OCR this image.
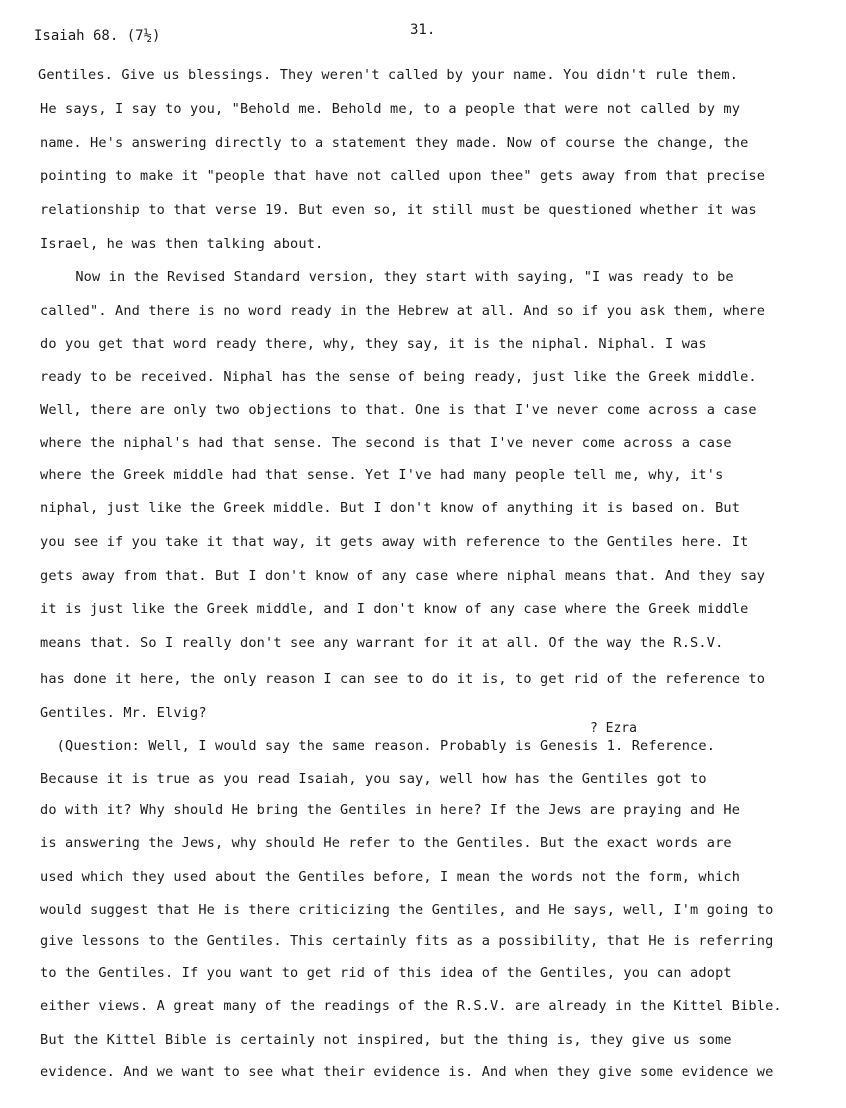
Isaiah 68. (7½)	31.
? Ezra
Gentiles. Give us blessings. They weren't called by your name. You didn't rule them.
He says, I say to you, "Behold me. Behold me, to a people that were not called by my
name. He's answering directly to a statement they made. Now of course the change, the
pointing to make it "people that have not called upon thee" gets away from that precise
relationship to that verse 19. But even so, it still must be questioned whether it was
Israel, he was then talking about.
Now in the Revised Standard version, they start with saying, "I was ready to be
called". And there is no word ready in the Hebrew at all. And so if you ask them, where
do you get that word ready there, why, they say, it is the niphal. Niphal. I was
ready to be received. Niphal has the sense of being ready, just like the Greek middle.
Well, there are only two objections to that. One is that I've never come across a case
where the niphal's had that sense. The second is that I've never come across a case
where the Greek middle had that sense. Yet I've had many people tell me, why, it's
niphal, just like the Greek middle. But I don't know of anything it is based on. But
you see if you take it that way, it gets away with reference to the Gentiles here. It
gets away from that. But I don't know of any case where niphal means that. And they say
it is just like the Greek middle, and I don't know of any case where the Greek middle
means that. So I really don't see any warrant for it at all. Of the way the R.S.V.
has done it here, the only reason I can see to do it is, to get rid of the reference to
Gentiles. Mr. Elvig?
(Question: Well, I would say the same reason. Probably is Genesis 1. Reference.
Because it is true as you read Isaiah, you say, well how has the Gentiles got to
do with it? Why should He bring the Gentiles in here? If the Jews are praying and He
is answering the Jews, why should He refer to the Gentiles. But the exact words are
used which they used about the Gentiles before, I mean the words not the form, which
would suggest that He is there criticizing the Gentiles, and He says, well, I'm going to
give lessons to the Gentiles. This certainly fits as a possibility, that He is referring
to the Gentiles. If you want to get rid of this idea of the Gentiles, you can adopt
either views. A great many of the readings of the R.S.V. are already in the Kittel Bible.
But the Kittel Bible is certainly not inspired, but the thing is, they give us some
evidence. And we want to see what their evidence is. And when they give some evidence we
